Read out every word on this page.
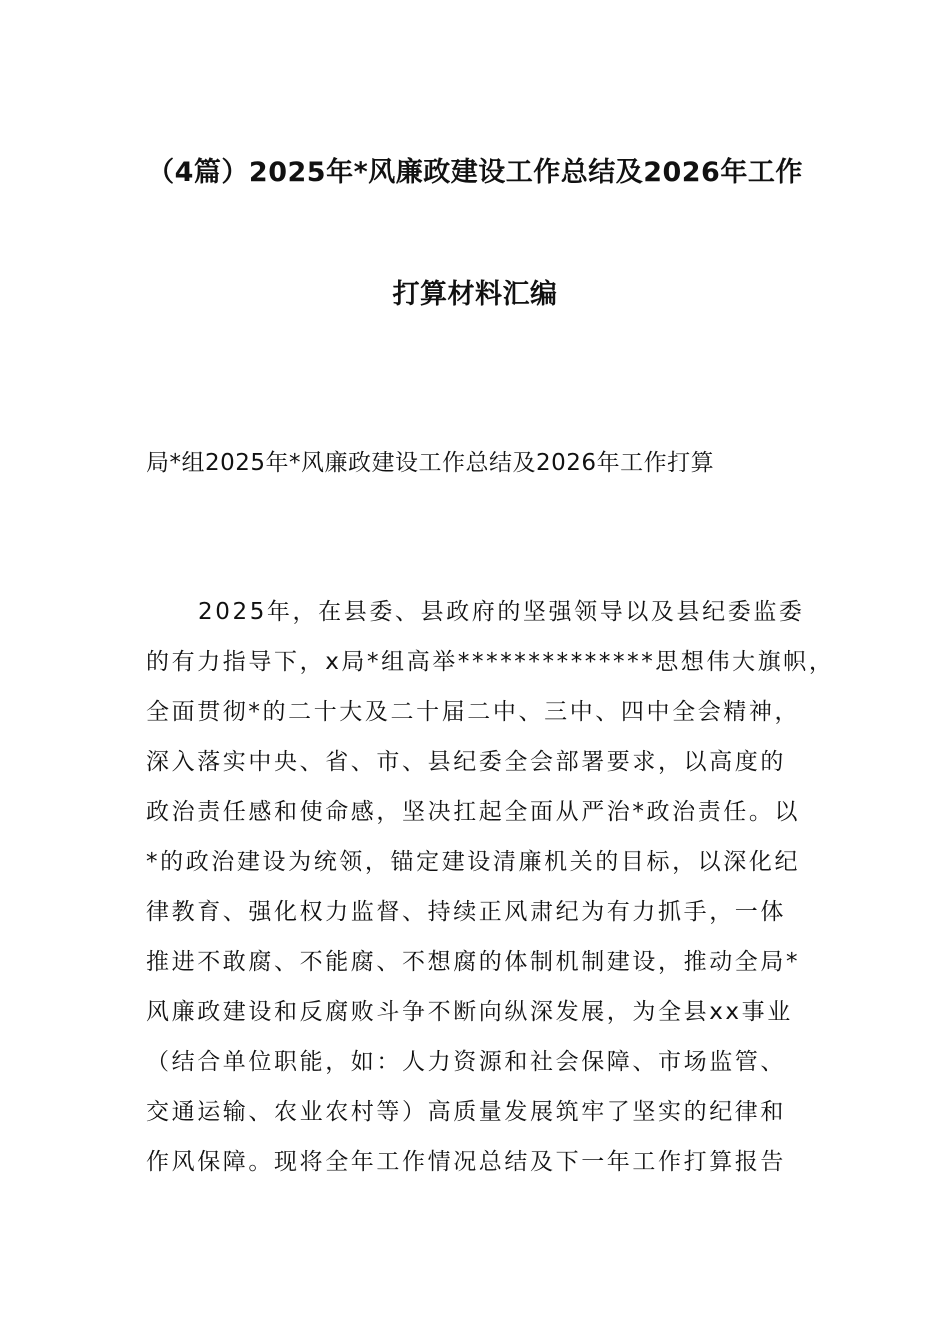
（4篇）2025年*风廉政建设工作总结及2026年工作
打算材料汇编
局*组2025年*风廉政建设工作总结及2026年工作打算
2025年，在县委、县政府的坚强领导以及县纪委监委
的有力指导下，x局*组高举**************思想伟大旗帜，
全面贯彻*的二十大及二十届二中、三中、四中全会精神，
深入落实中央、省、市、县纪委全会部署要求，以高度的
政治责任感和使命感，坚决扛起全面从严治*政治责任。以
*的政治建设为统领，锚定建设清廉机关的目标，以深化纪
律教育、强化权力监督、持续正风肃纪为有力抓手，一体
推进不敢腐、不能腐、不想腐的体制机制建设，推动全局*
风廉政建设和反腐败斗争不断向纵深发展，为全县xx事业
（结合单位职能，如：人力资源和社会保障、市场监管、
交通运输、农业农村等）高质量发展筑牢了坚实的纪律和
作风保障。现将全年工作情况总结及下一年工作打算报告
